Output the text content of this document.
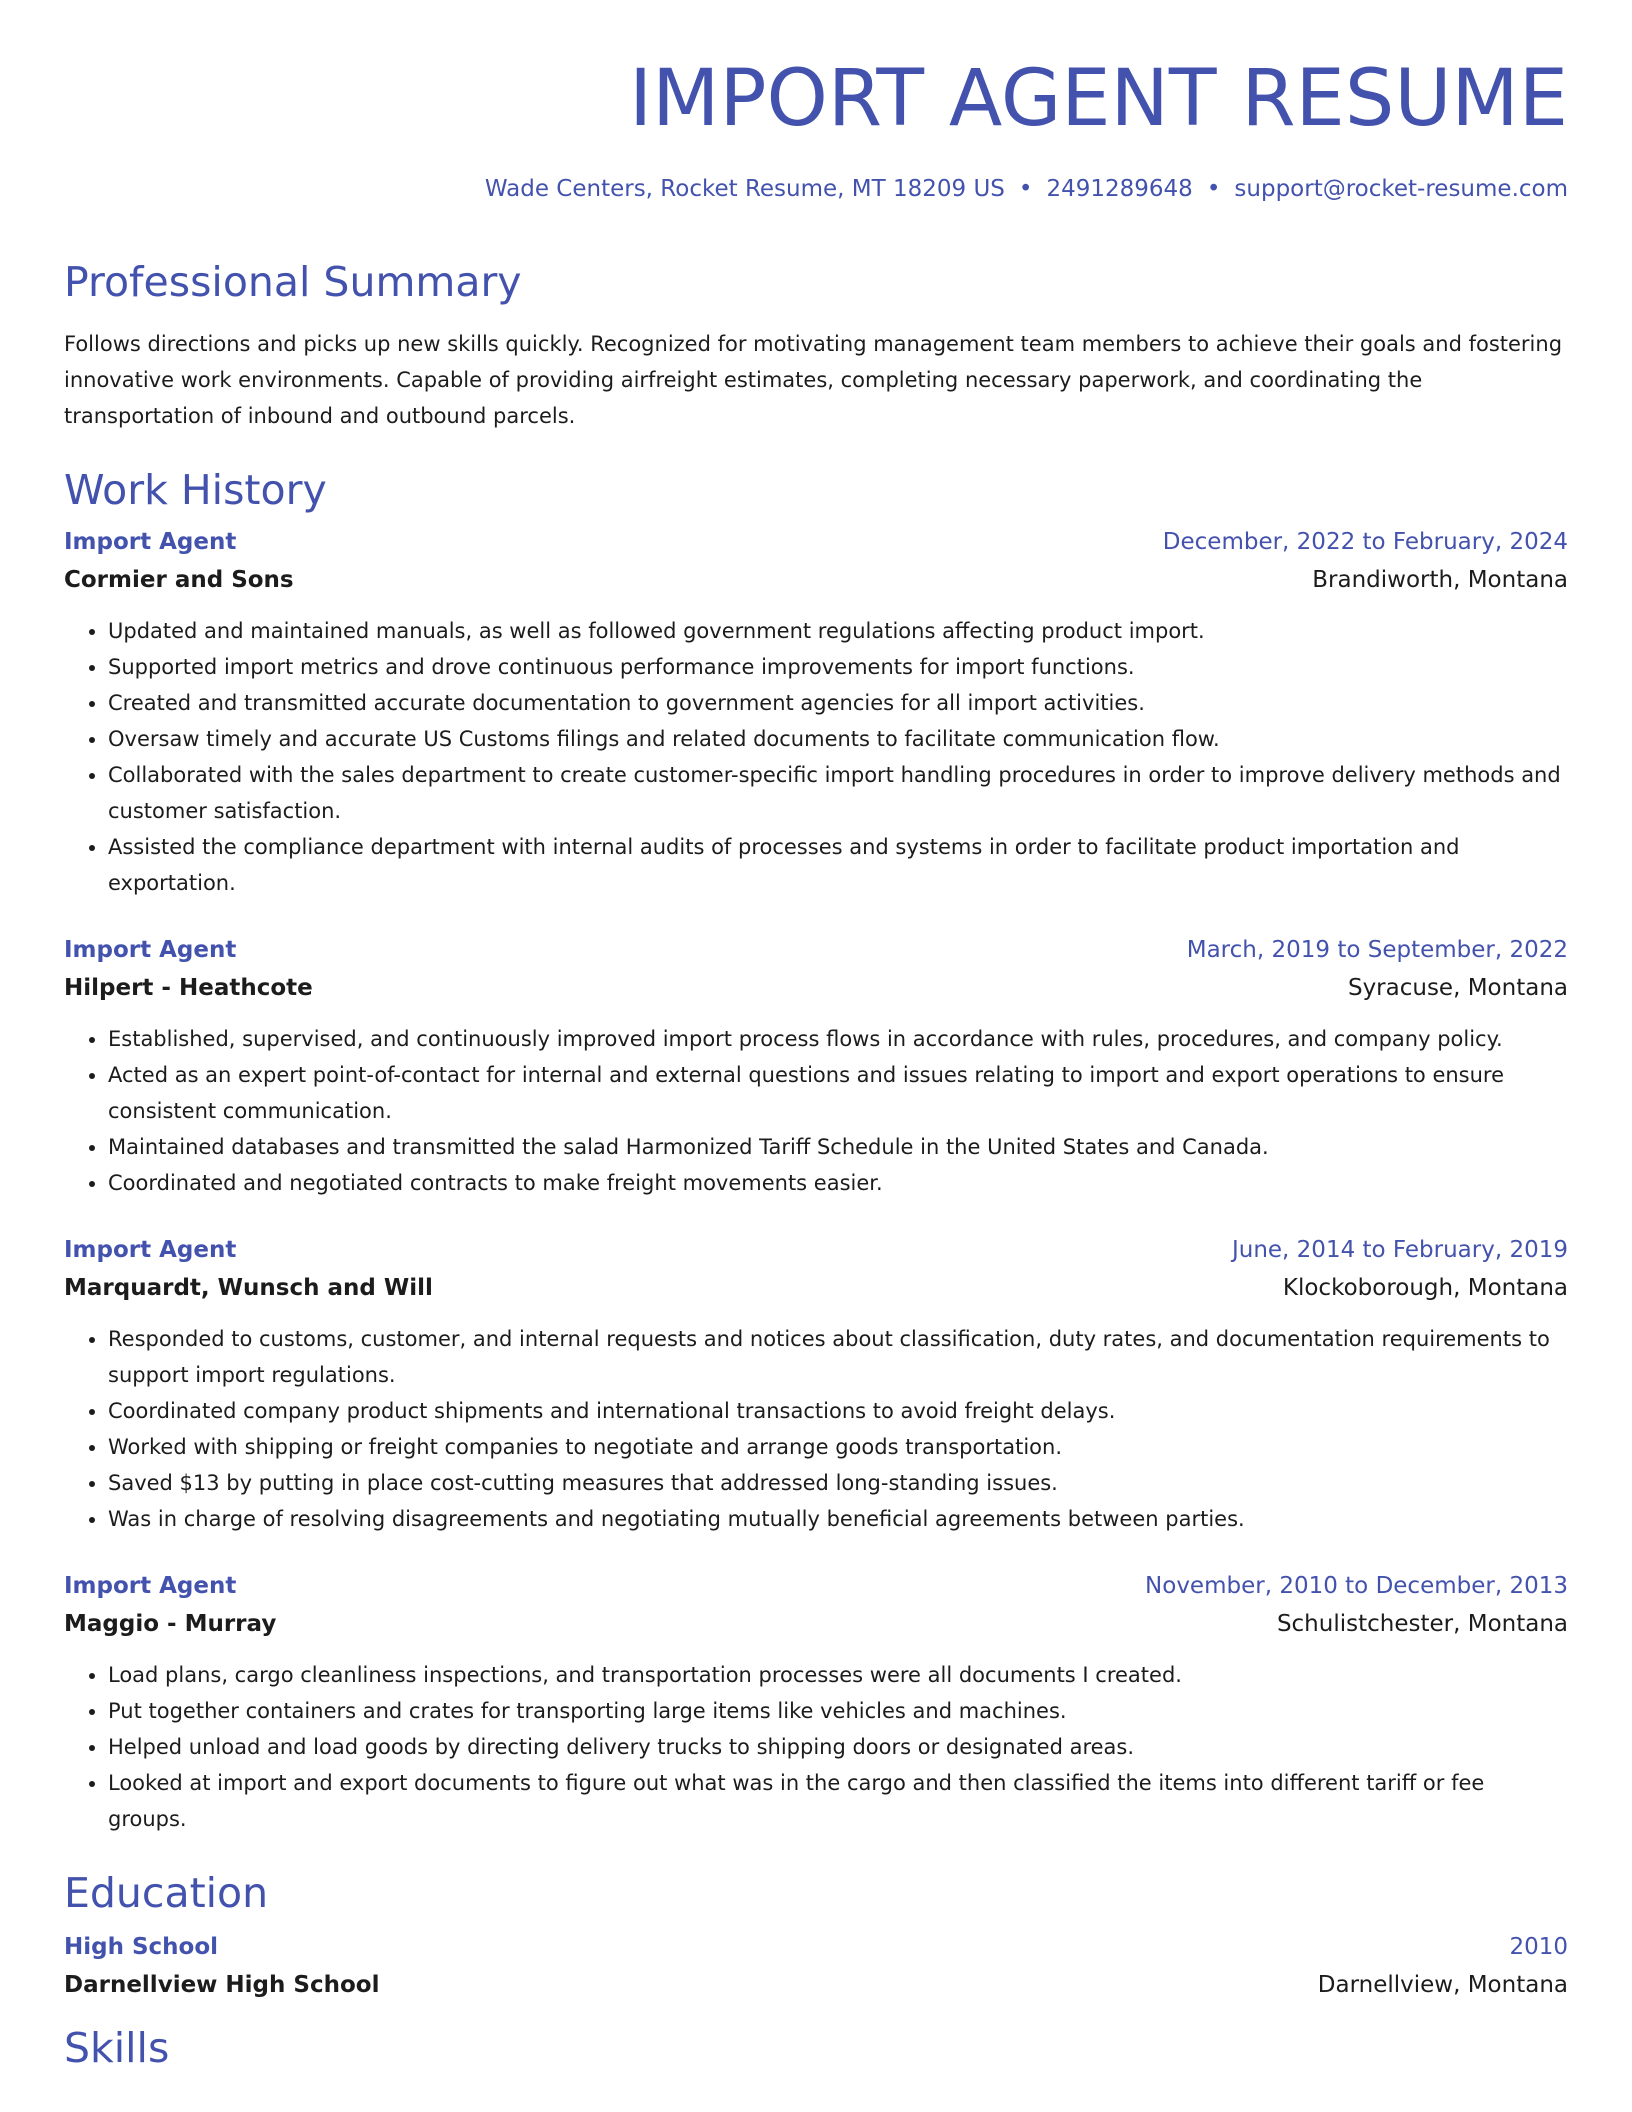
IMPORT AGENT RESUME
Wade Centers, Rocket Resume, MT 18209 US • 2491289648 • support@rocket-resume.com
Professional Summary
Follows directions and picks up new skills quickly. Recognized for motivating management team members to achieve their goals and fostering innovative work environments. Capable of providing airfreight estimates, completing necessary paperwork, and coordinating the transportation of inbound and outbound parcels.
Work History
Import Agent	December, 2022 to February, 2024
Cormier and Sons	Brandiworth, Montana
• Updated and maintained manuals, as well as followed government regulations affecting product import.
• Supported import metrics and drove continuous performance improvements for import functions.
• Created and transmitted accurate documentation to government agencies for all import activities.
• Oversaw timely and accurate US Customs filings and related documents to facilitate communication flow.
• Collaborated with the sales department to create customer-specific import handling procedures in order to improve delivery methods and customer satisfaction.
• Assisted the compliance department with internal audits of processes and systems in order to facilitate product importation and exportation.
Import Agent	March, 2019 to September, 2022
Hilpert - Heathcote	Syracuse, Montana
• Established, supervised, and continuously improved import process flows in accordance with rules, procedures, and company policy.
• Acted as an expert point-of-contact for internal and external questions and issues relating to import and export operations to ensure consistent communication.
• Maintained databases and transmitted the salad Harmonized Tariff Schedule in the United States and Canada.
• Coordinated and negotiated contracts to make freight movements easier.
Import Agent	June, 2014 to February, 2019
Marquardt, Wunsch and Will	Klockoborough, Montana
• Responded to customs, customer, and internal requests and notices about classification, duty rates, and documentation requirements to support import regulations.
• Coordinated company product shipments and international transactions to avoid freight delays.
• Worked with shipping or freight companies to negotiate and arrange goods transportation.
• Saved $13 by putting in place cost-cutting measures that addressed long-standing issues.
• Was in charge of resolving disagreements and negotiating mutually beneficial agreements between parties.
Import Agent	November, 2010 to December, 2013
Maggio - Murray	Schulistchester, Montana
• Load plans, cargo cleanliness inspections, and transportation processes were all documents I created.
• Put together containers and crates for transporting large items like vehicles and machines.
• Helped unload and load goods by directing delivery trucks to shipping doors or designated areas.
• Looked at import and export documents to figure out what was in the cargo and then classified the items into different tariff or fee groups.
Education
High School	2010
Darnellview High School	Darnellview, Montana
Skills
